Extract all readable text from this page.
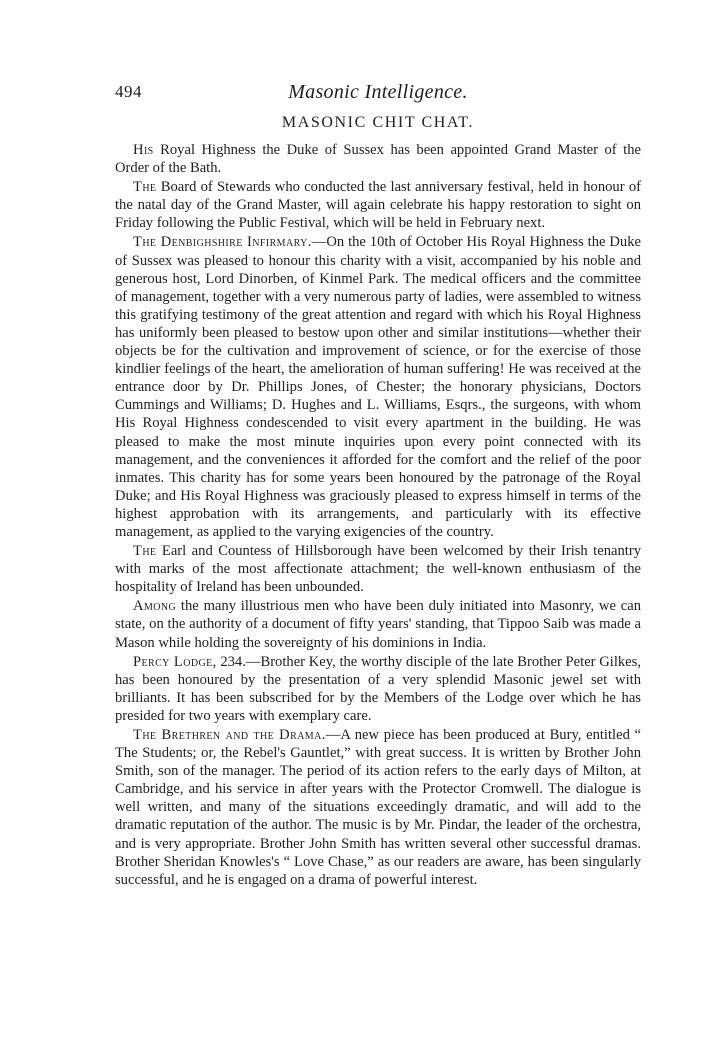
494	Masonic Intelligence.
MASONIC CHIT CHAT.

His Royal Highness the Duke of Sussex has been appointed Grand Master of the Order of the Bath.

The Board of Stewards who conducted the last anniversary festival, held in honour of the natal day of the Grand Master, will again celebrate his happy restoration to sight on Friday following the Public Festival, which will be held in February next.

The Denbighshire Infirmary.—On the 10th of October His Royal Highness the Duke of Sussex was pleased to honour this charity with a visit, accompanied by his noble and generous host, Lord Dinorben, of Kinmel Park. The medical officers and the committee of management, together with a very numerous party of ladies, were assembled to witness this gratifying testimony of the great attention and regard with which his Royal Highness has uniformly been pleased to bestow upon other and similar institutions—whether their objects be for the cultivation and improvement of science, or for the exercise of those kindlier feelings of the heart, the amelioration of human suffering! He was received at the entrance door by Dr. Phillips Jones, of Chester; the honorary physicians, Doctors Cummings and Williams; D. Hughes and L. Williams, Esqrs., the surgeons, with whom His Royal Highness condescended to visit every apartment in the building. He was pleased to make the most minute inquiries upon every point connected with its management, and the conveniences it afforded for the comfort and the relief of the poor inmates. This charity has for some years been honoured by the patronage of the Royal Duke; and His Royal Highness was graciously pleased to express himself in terms of the highest approbation with its arrangements, and particularly with its effective management, as applied to the varying exigencies of the country.

The Earl and Countess of Hillsborough have been welcomed by their Irish tenantry with marks of the most affectionate attachment; the well-known enthusiasm of the hospitality of Ireland has been unbounded.

Among the many illustrious men who have been duly initiated into Masonry, we can state, on the authority of a document of fifty years' standing, that Tippoo Saib was made a Mason while holding the sovereignty of his dominions in India.

Percy Lodge, 234.—Brother Key, the worthy disciple of the late Brother Peter Gilkes, has been honoured by the presentation of a very splendid Masonic jewel set with brilliants. It has been subscribed for by the Members of the Lodge over which he has presided for two years with exemplary care.

The Brethren and the Drama.—A new piece has been produced at Bury, entitled “ The Students; or, the Rebel's Gauntlet,” with great success. It is written by Brother John Smith, son of the manager. The period of its action refers to the early days of Milton, at Cambridge, and his service in after years with the Protector Cromwell. The dialogue is well written, and many of the situations exceedingly dramatic, and will add to the dramatic reputation of the author. The music is by Mr. Pindar, the leader of the orchestra, and is very appropriate. Brother John Smith has written several other successful dramas. Brother Sheridan Knowles's “ Love Chase,” as our readers are aware, has been singularly successful, and he is engaged on a drama of powerful interest.
